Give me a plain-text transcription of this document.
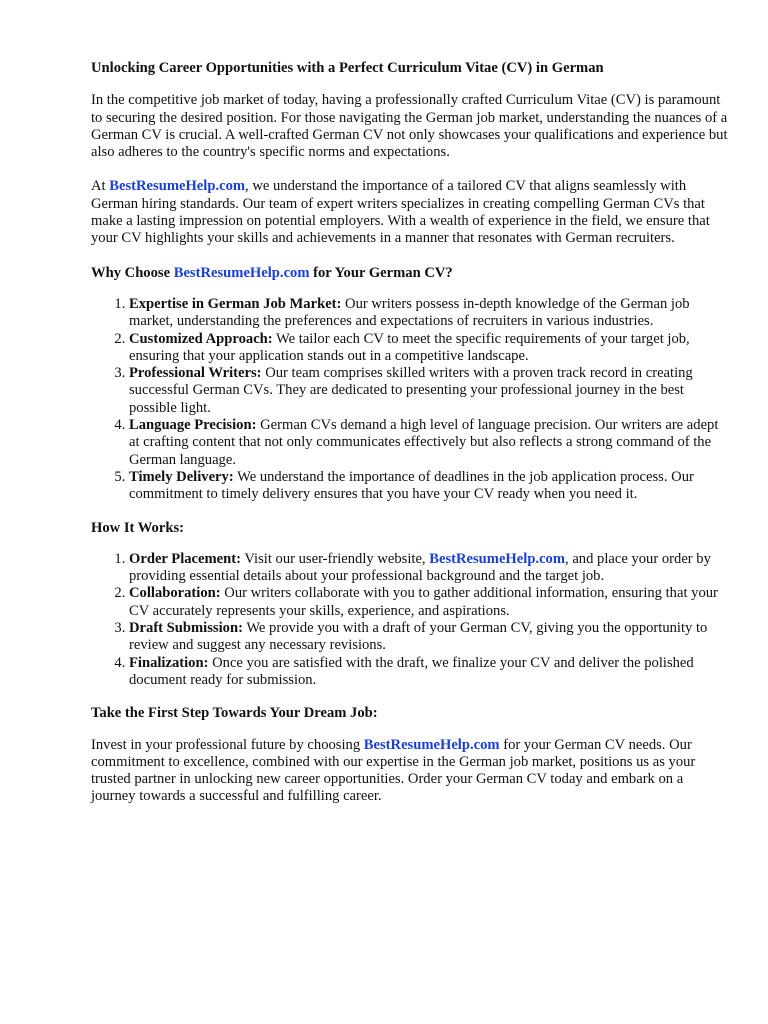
Unlocking Career Opportunities with a Perfect Curriculum Vitae (CV) in German

In the competitive job market of today, having a professionally crafted Curriculum Vitae (CV) is paramount to securing the desired position. For those navigating the German job market, understanding the nuances of a German CV is crucial. A well-crafted German CV not only showcases your qualifications and experience but also adheres to the country's specific norms and expectations.

At BestResumeHelp.com, we understand the importance of a tailored CV that aligns seamlessly with German hiring standards. Our team of expert writers specializes in creating compelling German CVs that make a lasting impression on potential employers. With a wealth of experience in the field, we ensure that your CV highlights your skills and achievements in a manner that resonates with German recruiters.

Why Choose BestResumeHelp.com for Your German CV?
1. Expertise in German Job Market: Our writers possess in-depth knowledge of the German job market, understanding the preferences and expectations of recruiters in various industries.
2. Customized Approach: We tailor each CV to meet the specific requirements of your target job, ensuring that your application stands out in a competitive landscape.
3. Professional Writers: Our team comprises skilled writers with a proven track record in creating successful German CVs. They are dedicated to presenting your professional journey in the best possible light.
4. Language Precision: German CVs demand a high level of language precision. Our writers are adept at crafting content that not only communicates effectively but also reflects a strong command of the German language.
5. Timely Delivery: We understand the importance of deadlines in the job application process. Our commitment to timely delivery ensures that you have your CV ready when you need it.
How It Works:
1. Order Placement: Visit our user-friendly website, BestResumeHelp.com, and place your order by providing essential details about your professional background and the target job.
2. Collaboration: Our writers collaborate with you to gather additional information, ensuring that your CV accurately represents your skills, experience, and aspirations.
3. Draft Submission: We provide you with a draft of your German CV, giving you the opportunity to review and suggest any necessary revisions.
4. Finalization: Once you are satisfied with the draft, we finalize your CV and deliver the polished document ready for submission.
Take the First Step Towards Your Dream Job:

Invest in your professional future by choosing BestResumeHelp.com for your German CV needs. Our commitment to excellence, combined with our expertise in the German job market, positions us as your trusted partner in unlocking new career opportunities. Order your German CV today and embark on a journey towards a successful and fulfilling career.
